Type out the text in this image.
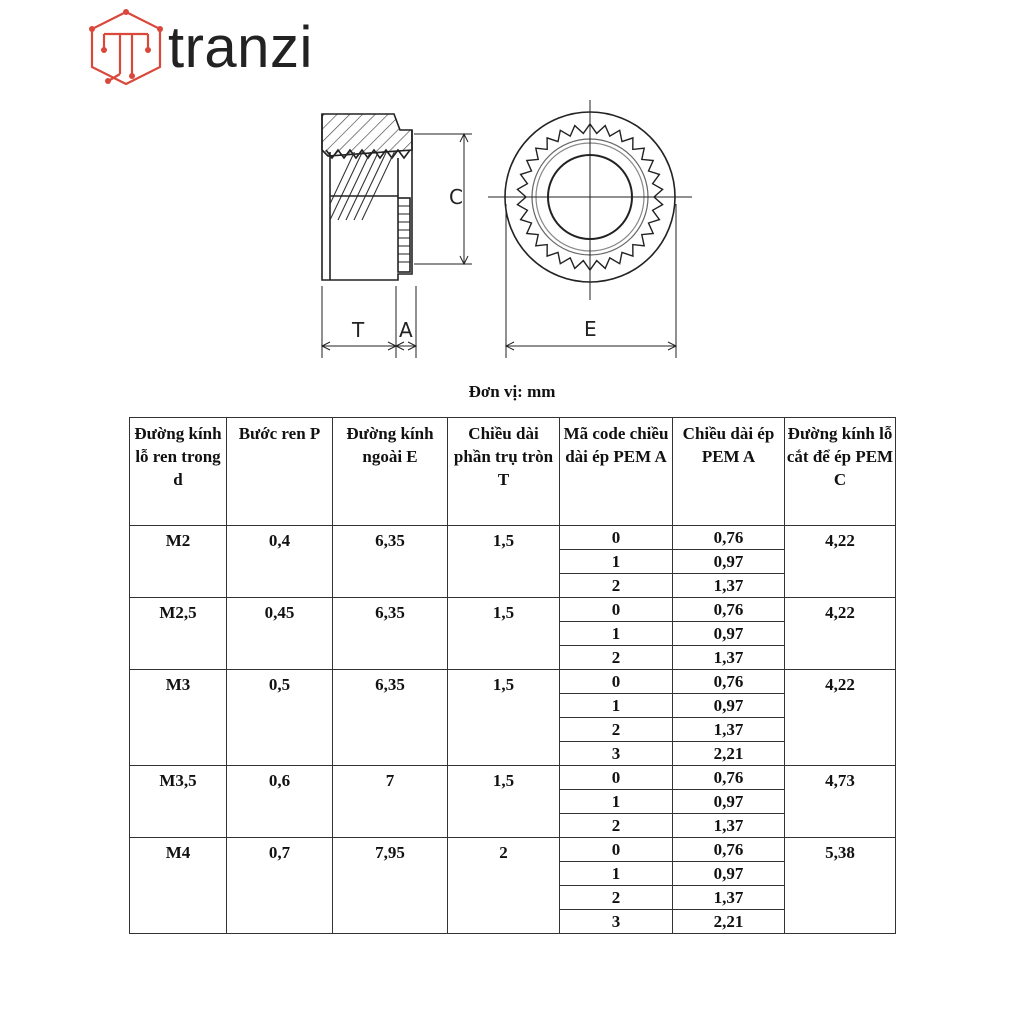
tranzi
C
T A	E
Đơn vị: mm
Đường kính lỗ ren trong d	Bước ren P	Đường kính ngoài E	Chiều dài phần trụ tròn T	Mã code chiều dài ép PEM A	Chiều dài ép PEM A	Đường kính lỗ cắt để ép PEM C
M2	0,4	6,35	1,5	0	0,76	4,22
				1	0,97	
				2	1,37	
M2,5	0,45	6,35	1,5	0	0,76	4,22
				1	0,97	
				2	1,37	
M3	0,5	6,35	1,5	0	0,76	4,22
				1	0,97	
				2	1,37	
				3	2,21	
M3,5	0,6	7	1,5	0	0,76	4,73
				1	0,97	
				2	1,37	
M4	0,7	7,95	2	0	0,76	5,38
				1	0,97	
				2	1,37	
				3	2,21	
